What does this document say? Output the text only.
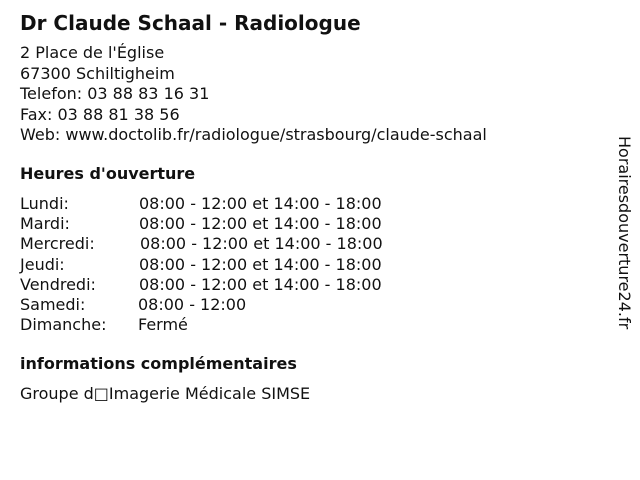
Dr Claude Schaal - Radiologue
2 Place de l'Église
67300 Schiltigheim
Telefon: 03 88 83 16 31
Fax: 03 88 81 38 56
Web: www.doctolib.fr/radiologue/strasbourg/claude-schaal
Heures d'ouverture
Lundi:	08:00 - 12:00 et 14:00 - 18:00
Mardi:	08:00 - 12:00 et 14:00 - 18:00
Mercredi:	08:00 - 12:00 et 14:00 - 18:00
Jeudi:	08:00 - 12:00 et 14:00 - 18:00
Vendredi:	08:00 - 12:00 et 14:00 - 18:00
Samedi:	08:00 - 12:00
Dimanche: Fermé
informations complémentaires
Groupe d□Imagerie Médicale SIMSE
Horairesdouverture24.fr
